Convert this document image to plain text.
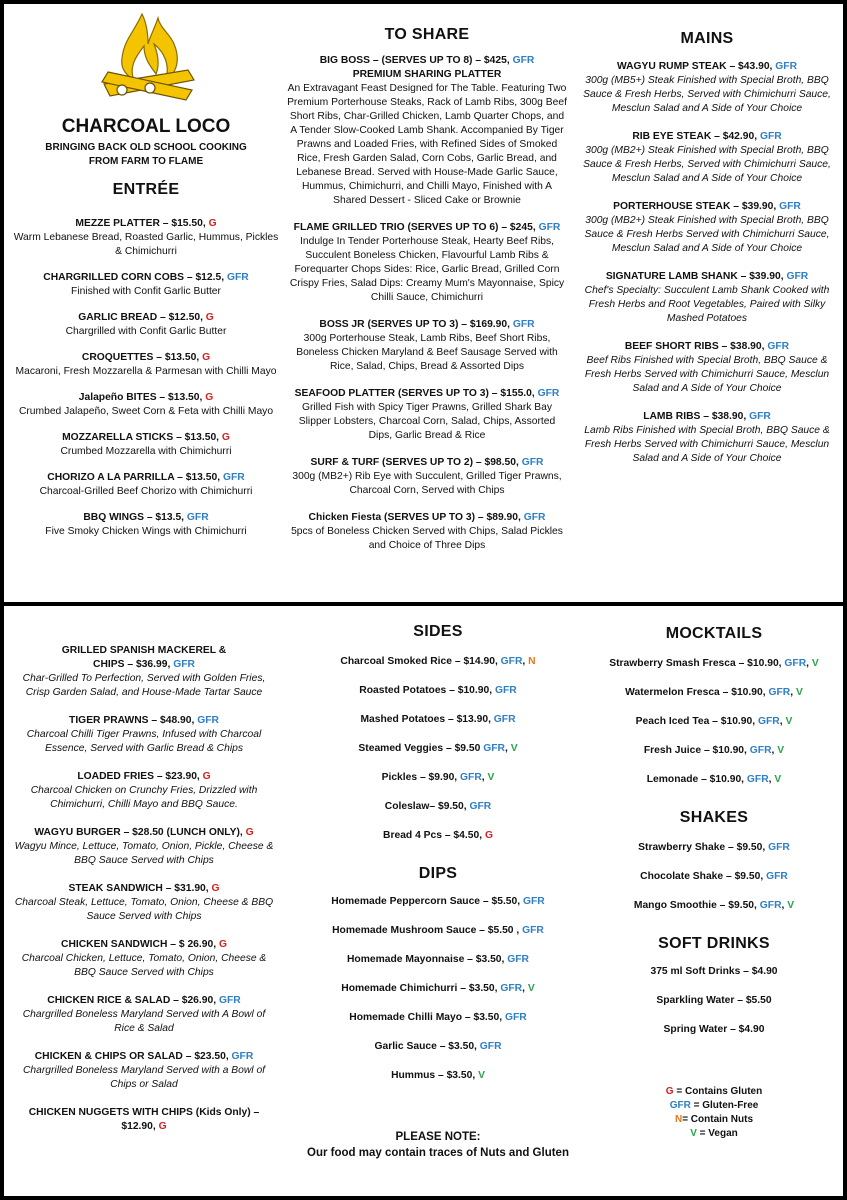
CHARCOAL LOCO

BRINGING BACK OLD SCHOOL COOKING
FROM FARM TO FLAME

ENTRÉE

MEZZE PLATTER – $15.50, G
Warm Lebanese Bread, Roasted Garlic, Hummus, Pickles & Chimichurri
CHARGRILLED CORN COBS – $12.5, GFR
Finished with Confit Garlic Butter
GARLIC BREAD – $12.50, G
Chargrilled with Confit Garlic Butter
CROQUETTES – $13.50, G
Macaroni, Fresh Mozzarella & Parmesan with Chilli Mayo
Jalapeño BITES – $13.50, G
Crumbed Jalapeño, Sweet Corn & Feta with Chilli Mayo
MOZZARELLA STICKS – $13.50, G
Crumbed Mozzarella with Chimichurri
CHORIZO A LA PARRILLA – $13.50, GFR
Charcoal-Grilled Beef Chorizo with Chimichurri
BBQ WINGS – $13.5, GFR
Five Smoky Chicken Wings with Chimichurri

TO SHARE

BIG BOSS – (SERVES UP TO 8) – $425, GFR
PREMIUM SHARING PLATTER
An Extravagant Feast Designed for The Table. Featuring Two Premium Porterhouse Steaks, Rack of Lamb Ribs, 300g Beef Short Ribs, Char-Grilled Chicken, Lamb Quarter Chops, and A Tender Slow-Cooked Lamb Shank. Accompanied By Tiger Prawns and Loaded Fries, with Refined Sides of Smoked Rice, Fresh Garden Salad, Corn Cobs, Garlic Bread, and Lebanese Bread. Served with House-Made Garlic Sauce, Hummus, Chimichurri, and Chilli Mayo, Finished with A Shared Dessert - Sliced Cake or Brownie
FLAME GRILLED TRIO (SERVES UP TO 6) – $245, GFR
Indulge In Tender Porterhouse Steak, Hearty Beef Ribs, Succulent Boneless Chicken, Flavourful Lamb Ribs & Forequarter Chops Sides: Rice, Garlic Bread, Grilled Corn Crispy Fries, Salad Dips: Creamy Mum's Mayonnaise, Spicy Chilli Sauce, Chimichurri
BOSS JR (SERVES UP TO 3) – $169.90, GFR
300g Porterhouse Steak, Lamb Ribs, Beef Short Ribs, Boneless Chicken Maryland & Beef Sausage Served with Rice, Salad, Chips, Bread & Assorted Dips
SEAFOOD PLATTER (SERVES UP TO 3) – $155.0, GFR
Grilled Fish with Spicy Tiger Prawns, Grilled Shark Bay Slipper Lobsters, Charcoal Corn, Salad, Chips, Assorted Dips, Garlic Bread & Rice
SURF & TURF (SERVES UP TO 2) – $98.50, GFR
300g (MB2+) Rib Eye with Succulent, Grilled Tiger Prawns, Charcoal Corn, Served with Chips
Chicken Fiesta (SERVES UP TO 3) – $89.90, GFR
5pcs of Boneless Chicken Served with Chips, Salad Pickles and Choice of Three Dips

MAINS

WAGYU RUMP STEAK – $43.90, GFR
300g (MB5+) Steak Finished with Special Broth, BBQ Sauce & Fresh Herbs, Served with Chimichurri Sauce, Mesclun Salad and A Side of Your Choice
RIB EYE STEAK – $42.90, GFR
300g (MB2+) Steak Finished with Special Broth, BBQ Sauce & Fresh Herbs, Served with Chimichurri Sauce, Mesclun Salad and A Side of Your Choice
PORTERHOUSE STEAK – $39.90, GFR
300g (MB2+) Steak Finished with Special Broth, BBQ Sauce & Fresh Herbs Served with Chimichurri Sauce, Mesclun Salad and A Side of Your Choice
SIGNATURE LAMB SHANK – $39.90, GFR
Chef's Specialty: Succulent Lamb Shank Cooked with Fresh Herbs and Root Vegetables, Paired with Silky Mashed Potatoes
BEEF SHORT RIBS – $38.90, GFR
Beef Ribs Finished with Special Broth, BBQ Sauce & Fresh Herbs Served with Chimichurri Sauce, Mesclun Salad and A Side of Your Choice
LAMB RIBS – $38.90, GFR
Lamb Ribs Finished with Special Broth, BBQ Sauce & Fresh Herbs Served with Chimichurri Sauce, Mesclun Salad and A Side of Your Choice
GRILLED SPANISH MACKEREL &
CHIPS – $36.99, GFR
Char-Grilled To Perfection, Served with Golden Fries, Crisp Garden Salad, and House-Made Tartar Sauce
TIGER PRAWNS – $48.90, GFR
Charcoal Chilli Tiger Prawns, Infused with Charcoal Essence, Served with Garlic Bread & Chips
LOADED FRIES – $23.90, G
Charcoal Chicken on Crunchy Fries, Drizzled with Chimichurri, Chilli Mayo and BBQ Sauce.
WAGYU BURGER – $28.50 (LUNCH ONLY), G
Wagyu Mince, Lettuce, Tomato, Onion, Pickle, Cheese & BBQ Sauce Served with Chips
STEAK SANDWICH – $31.90, G
Charcoal Steak, Lettuce, Tomato, Onion, Cheese & BBQ Sauce Served with Chips
CHICKEN SANDWICH – $ 26.90, G
Charcoal Chicken, Lettuce, Tomato, Onion, Cheese & BBQ Sauce Served with Chips
CHICKEN RICE & SALAD – $26.90, GFR
Chargrilled Boneless Maryland Served with A Bowl of Rice & Salad
CHICKEN & CHIPS OR SALAD – $23.50, GFR
Chargrilled Boneless Maryland Served with a Bowl of Chips or Salad
CHICKEN NUGGETS WITH CHIPS (Kids Only) –
$12.90, G

SIDES

Charcoal Smoked Rice – $14.90, GFR, N
Roasted Potatoes – $10.90, GFR
Mashed Potatoes – $13.90, GFR
Steamed Veggies – $9.50 GFR, V
Pickles – $9.90, GFR, V
Coleslaw– $9.50, GFR
Bread 4 Pcs – $4.50, G

DIPS

Homemade Peppercorn Sauce – $5.50, GFR
Homemade Mushroom Sauce – $5.50 , GFR
Homemade Mayonnaise – $3.50, GFR
Homemade Chimichurri – $3.50, GFR, V
Homemade Chilli Mayo – $3.50, GFR
Garlic Sauce – $3.50, GFR
Hummus – $3.50, V
PLEASE NOTE:
Our food may contain traces of Nuts and Gluten

MOCKTAILS

Strawberry Smash Fresca – $10.90, GFR, V
Watermelon Fresca – $10.90, GFR, V
Peach Iced Tea – $10.90, GFR, V
Fresh Juice – $10.90, GFR, V
Lemonade – $10.90, GFR, V

SHAKES

Strawberry Shake – $9.50, GFR
Chocolate Shake – $9.50, GFR
Mango Smoothie – $9.50, GFR, V

SOFT DRINKS

375 ml Soft Drinks – $4.90
Sparkling Water – $5.50
Spring Water – $4.90
G = Contains Gluten
GFR = Gluten-Free
N= Contain Nuts
V = Vegan
